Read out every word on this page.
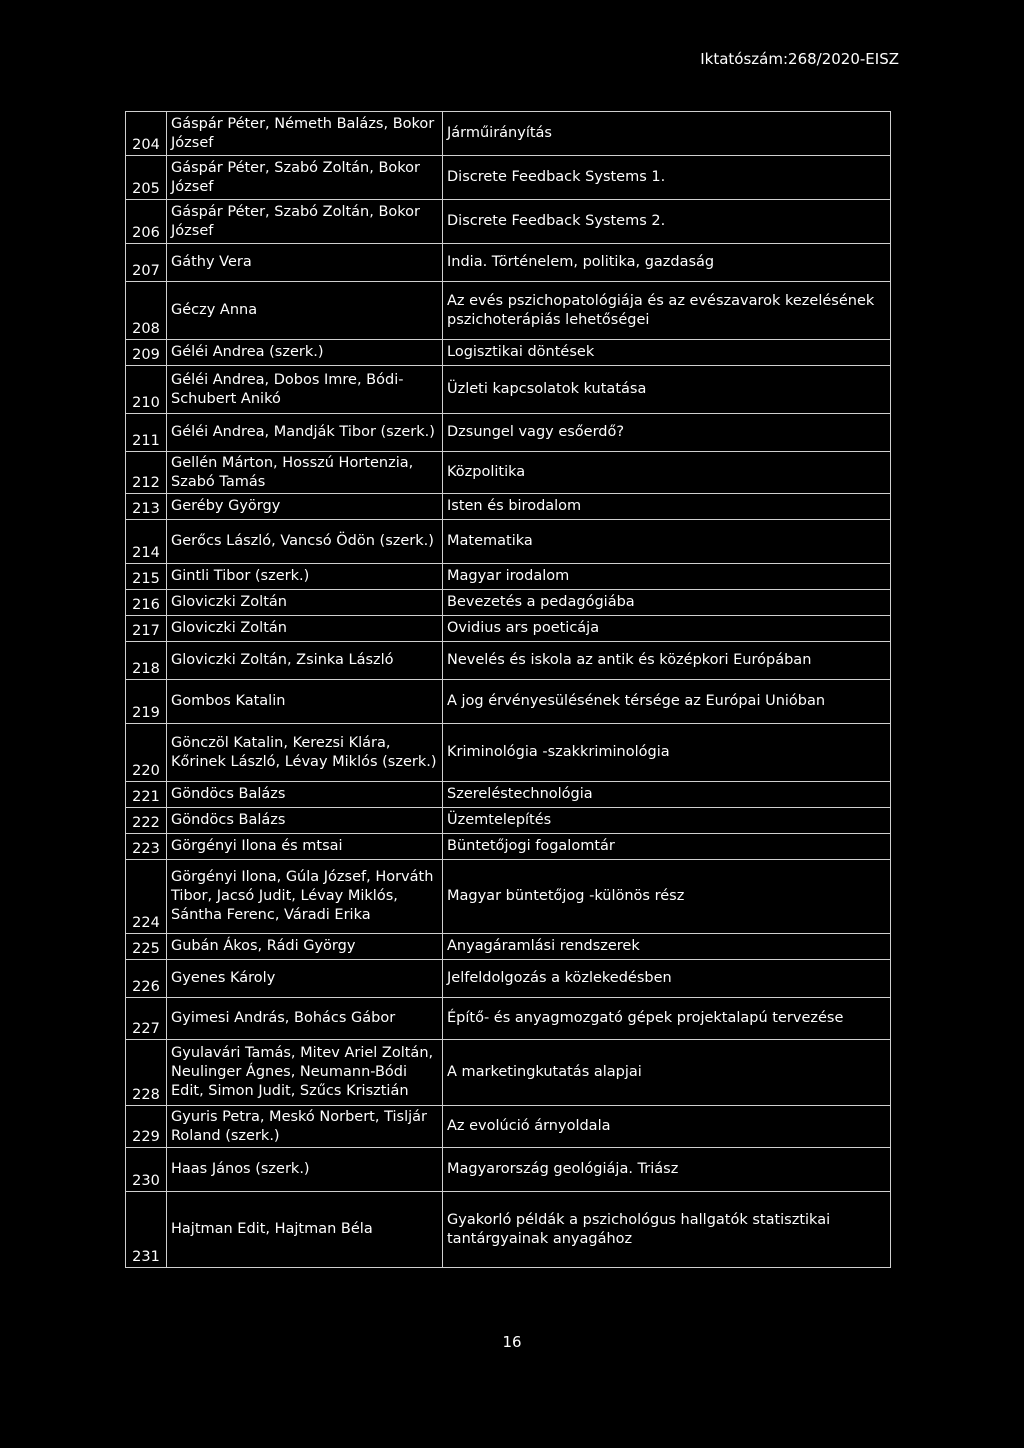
Iktatószám:268/2020-EISZ
204	Gáspár Péter, Németh Balázs, Bokor József	Járműirányítás
205	Gáspár Péter, Szabó Zoltán, Bokor József	Discrete Feedback Systems 1.
206	Gáspár Péter, Szabó Zoltán, Bokor József	Discrete Feedback Systems 2.
207	Gáthy Vera	India. Történelem, politika, gazdaság
208	Géczy Anna	Az evés pszichopatológiája és az evészavarok kezelésének pszichoterápiás lehetőségei
209	Géléi Andrea (szerk.)	Logisztikai döntések
210	Géléi Andrea, Dobos Imre, Bódi-Schubert Anikó	Üzleti kapcsolatok kutatása
211	Géléi Andrea, Mandják Tibor (szerk.)	Dzsungel vagy esőerdő?
212	Gellén Márton, Hosszú Hortenzia, Szabó Tamás	Közpolitika
213	Geréby György	Isten és birodalom
214	Gerőcs László, Vancsó Ödön (szerk.)	Matematika
215	Gintli Tibor (szerk.)	Magyar irodalom
216	Gloviczki Zoltán	Bevezetés a pedagógiába
217	Gloviczki Zoltán	Ovidius ars poeticája
218	Gloviczki Zoltán, Zsinka László	Nevelés és iskola az antik és középkori Európában
219	Gombos Katalin	A jog érvényesülésének térsége az Európai Unióban
220	Gönczöl Katalin, Kerezsi Klára, Kőrinek László, Lévay Miklós (szerk.)	Kriminológia -szakkriminológia
221	Göndöcs Balázs	Szereléstechnológia
222	Göndöcs Balázs	Üzemtelepítés
223	Görgényi Ilona és mtsai	Büntetőjogi fogalomtár
224	Görgényi Ilona, Gúla József, Horváth Tibor, Jacsó Judit, Lévay Miklós, Sántha Ferenc, Váradi Erika	Magyar büntetőjog -különös rész
225	Gubán Ákos, Rádi György	Anyagáramlási rendszerek
226	Gyenes Károly	Jelfeldolgozás a közlekedésben
227	Gyimesi András, Bohács Gábor	Építő- és anyagmozgató gépek projektalapú tervezése
228	Gyulavári Tamás, Mitev Ariel Zoltán, Neulinger Ágnes, Neumann-Bódi Edit, Simon Judit, Szűcs Krisztián	A marketingkutatás alapjai
229	Gyuris Petra, Meskó Norbert, Tisljár Roland (szerk.)	Az evolúció árnyoldala
230	Haas János (szerk.)	Magyarország geológiája. Triász
231	Hajtman Edit, Hajtman Béla	Gyakorló példák a pszichológus hallgatók statisztikai tantárgyainak anyagához
16
